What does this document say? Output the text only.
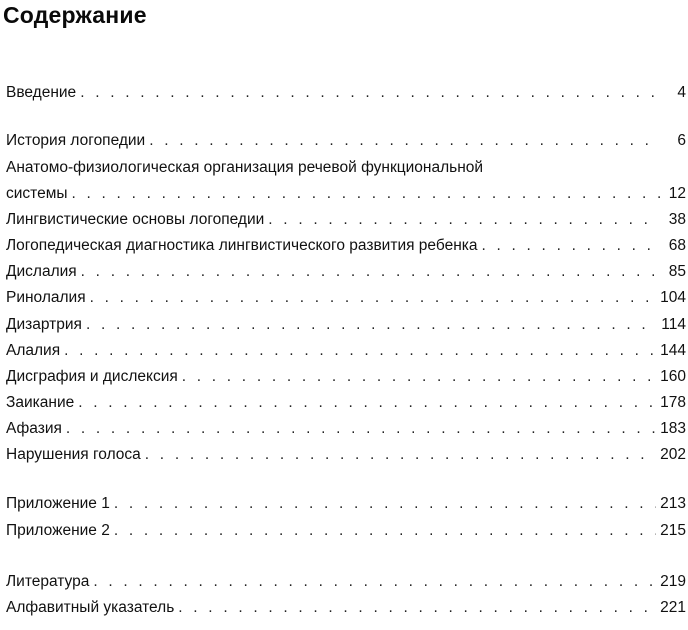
Содержание
Введение . . .	4
История логопедии . . .	6
Анатомо-физиологическая организация речевой функциональной
системы . . .	12
Лингвистические основы логопедии . . .	38
Логопедическая диагностика лингвистического развития ребенка . . .	68
Дислалия . . .	85
Ринолалия . . .	104
Дизартрия . . .	114
Алалия . . .	144
Дисграфия и дислексия . . .	160
Заикание . . .	178
Афазия . . .	183
Нарушения голоса . . .	202
Приложение 1 . . .	213
Приложение 2 . . .	215
Литература . . .	219
Алфавитный указатель . . .	221
